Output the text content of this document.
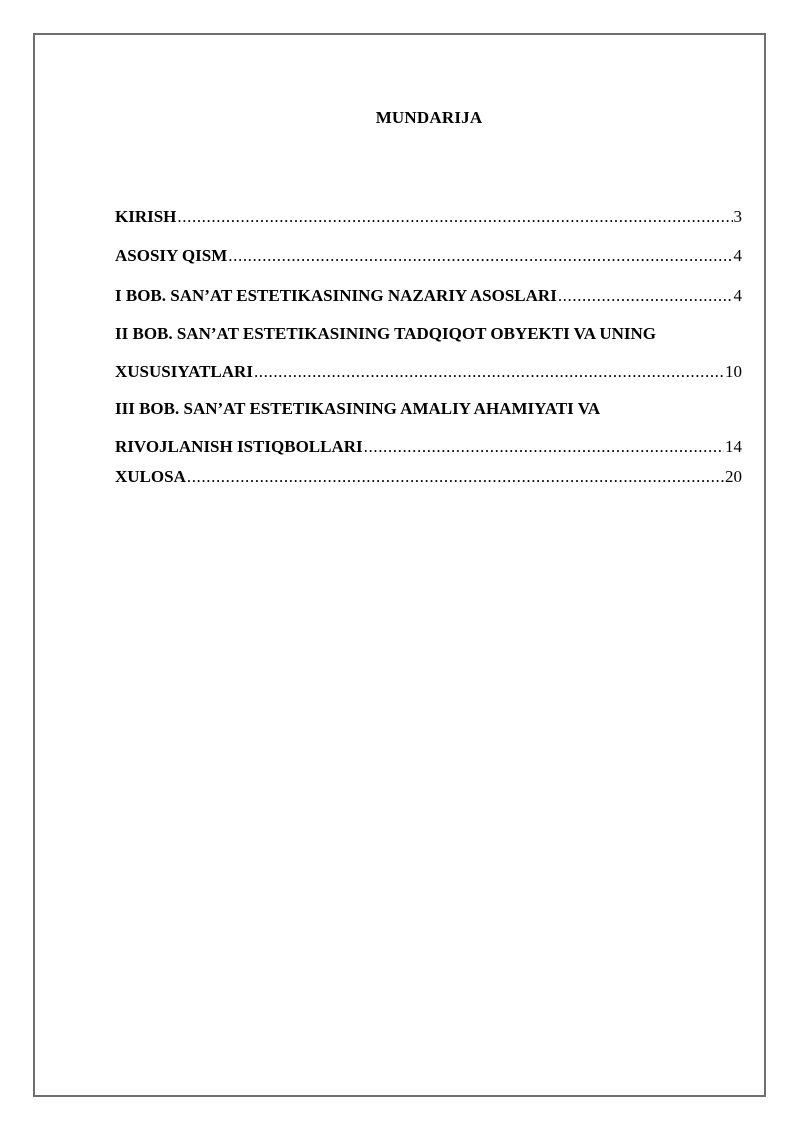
MUNDARIJA
KIRISH .....	3
ASOSIY QISM .....	4
I BOB. SAN’AT ESTETIKASINING NAZARIY ASOSLARI .....	4
II BOB. SAN’AT ESTETIKASINING TADQIQOT OBYEKTI VA UNING
XUSUSIYATLARI .....	10
III BOB. SAN’AT ESTETIKASINING AMALIY AHAMIYATI VA
RIVOJLANISH ISTIQBOLLARI .....	14
XULOSA .....	20
